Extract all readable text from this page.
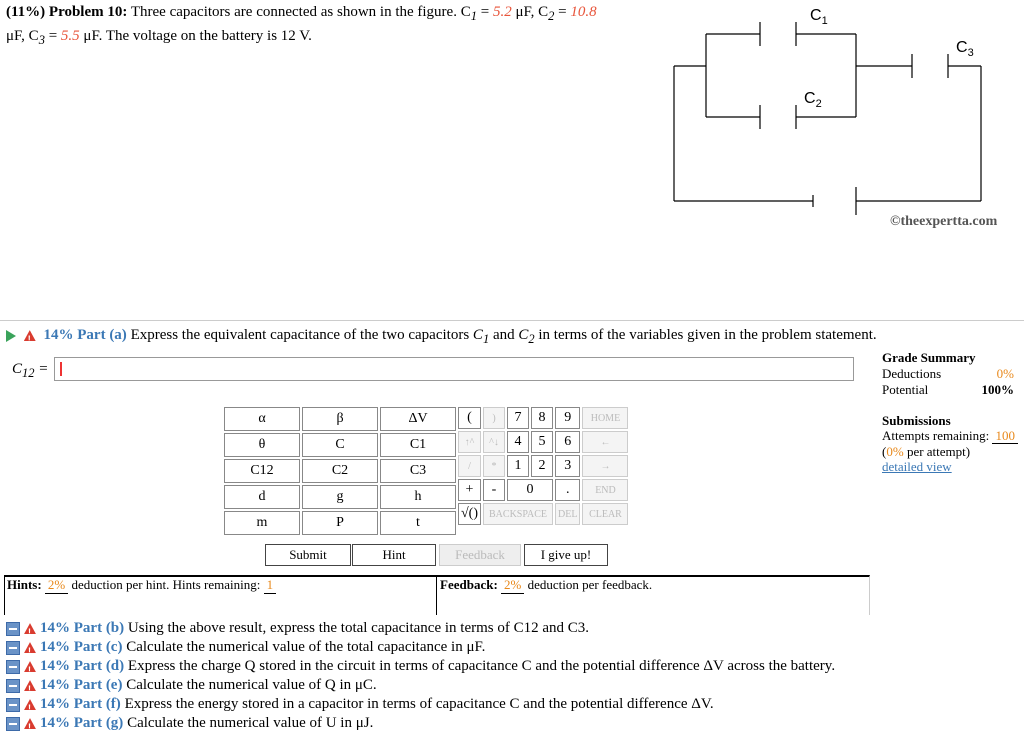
(11%) Problem 10: Three capacitors are connected as shown in the figure. $C_1 = 5.2$ μF, $C_2 = 10.8$
μF, $C_3 = 5.5$ μF. The voltage on the battery is 12 V.
$C_1$
$C_2$
$C_3$
©theexpertta.com
! 14% Part (a) Express the equivalent capacitance of the two capacitors $C_1$ and $C_2$ in terms of the variables given in the problem statement.
$C_{12}$ =
Grade Summary
Deductions	0%
Potential	100%
Submissions
Attempts remaining: 100
(0% per attempt)
detailed view
α	β	ΔV
θ	C	C1
C12	C2	C3
d	g	h
m	P	t
(	)	7	8	9	HOME
↑^	^↓	4	5	6	←
/	*	1	2	3	→
+	-	0		.	END
√()	BACKSPACE			DEL	CLEAR
Submit	Hint	Feedback	I give up!
Hints: 2% deduction per hint. Hints remaining: 1	Feedback: 2% deduction per feedback.
!14% Part (b) Using the above result, express the total capacitance in terms of C12 and C3.
!14% Part (c) Calculate the numerical value of the total capacitance in μF.
!14% Part (d) Express the charge Q stored in the circuit in terms of capacitance C and the potential difference ΔV across the battery.
!14% Part (e) Calculate the numerical value of Q in μC.
!14% Part (f) Express the energy stored in a capacitor in terms of capacitance C and the potential difference ΔV.
!14% Part (g) Calculate the numerical value of U in μJ.
